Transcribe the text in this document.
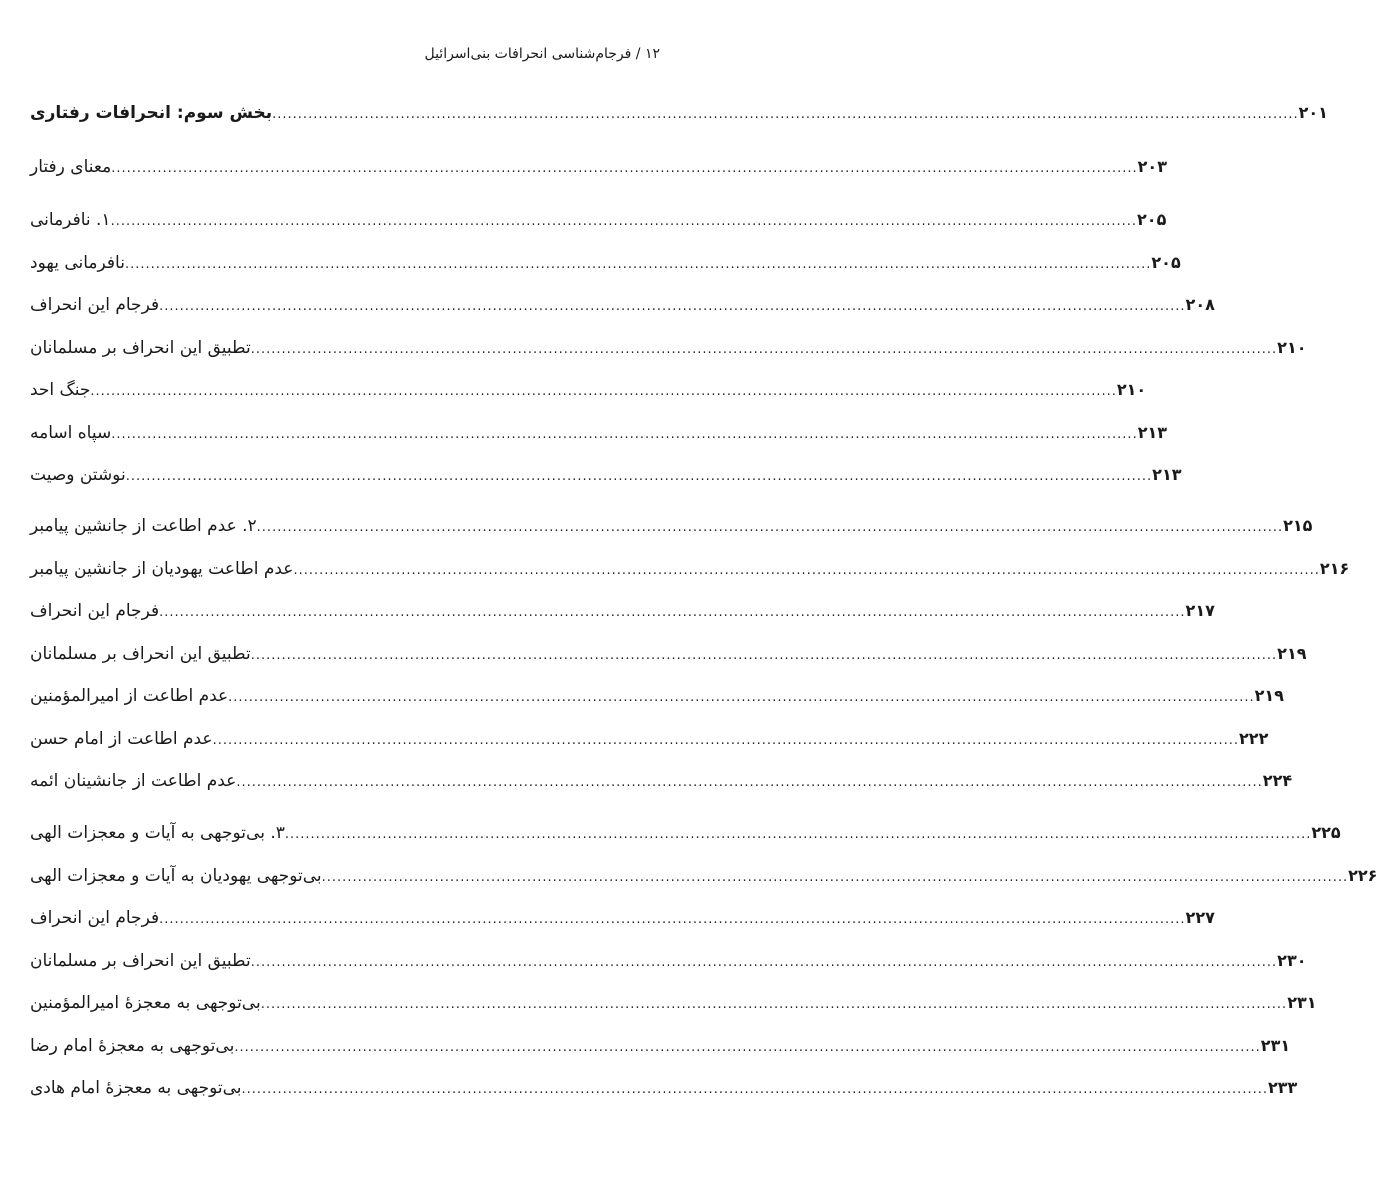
۱۲ / فرجام‌شناسی انحرافات بنی‌اسرائیل
بخش سوم: انحرافات رفتاری ........................................................................................................................................................................................................ ۲۰۱
معنای رفتار ........................................................................................................................................................................................................ ۲۰۳
۱. نافرمانی ........................................................................................................................................................................................................ ۲۰۵
نافرمانی یهود ........................................................................................................................................................................................................ ۲۰۵
فرجام این انحراف ........................................................................................................................................................................................................ ۲۰۸
تطبیق این انحراف بر مسلمانان ........................................................................................................................................................................................................ ۲۱۰
جنگ احد ........................................................................................................................................................................................................ ۲۱۰
سپاه اسامه ........................................................................................................................................................................................................ ۲۱۳
نوشتن وصیت ........................................................................................................................................................................................................ ۲۱۳
۲. عدم اطاعت از جانشین پیامبر ........................................................................................................................................................................................................ ۲۱۵
عدم اطاعت یهودیان از جانشین پیامبر ........................................................................................................................................................................................................ ۲۱۶
فرجام این انحراف ........................................................................................................................................................................................................ ۲۱۷
تطبیق این انحراف بر مسلمانان ........................................................................................................................................................................................................ ۲۱۹
عدم اطاعت از امیرالمؤمنین ........................................................................................................................................................................................................ ۲۱۹
عدم اطاعت از امام حسن ........................................................................................................................................................................................................ ۲۲۲
عدم اطاعت از جانشینان ائمه ........................................................................................................................................................................................................ ۲۲۴
۳. بی‌توجهی به آیات و معجزات الهی ........................................................................................................................................................................................................ ۲۲۵
بی‌توجهی یهودیان به آیات و معجزات الهی ........................................................................................................................................................................................................ ۲۲۶
فرجام این انحراف ........................................................................................................................................................................................................ ۲۲۷
تطبیق این انحراف بر مسلمانان ........................................................................................................................................................................................................ ۲۳۰
بی‌توجهی به معجزهٔ امیرالمؤمنین ........................................................................................................................................................................................................ ۲۳۱
بی‌توجهی به معجزهٔ امام رضا ........................................................................................................................................................................................................ ۲۳۱
بی‌توجهی به معجزهٔ امام هادی ........................................................................................................................................................................................................ ۲۳۳
